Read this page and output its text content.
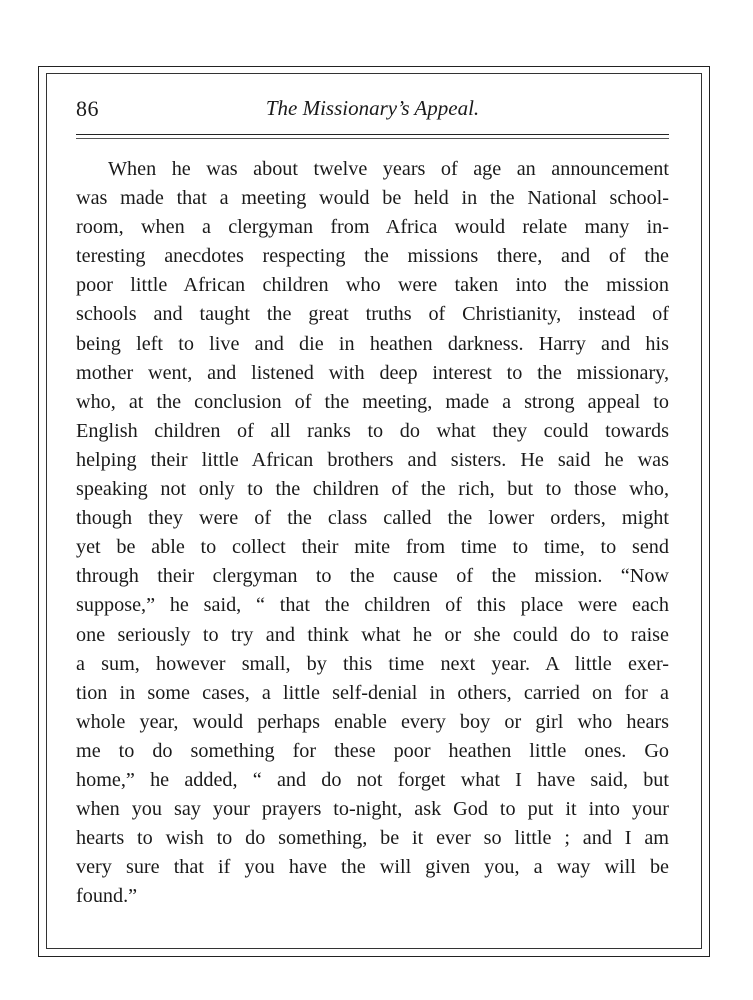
86	The Missionary’s Appeal.
When he was about twelve years of age an announcement
was made that a meeting would be held in the National school-
room, when a clergyman from Africa would relate many in-
teresting anecdotes respecting the missions there, and of the
poor little African children who were taken into the mission
schools and taught the great truths of Christianity, instead of
being left to live and die in heathen darkness. Harry and his
mother went, and listened with deep interest to the missionary,
who, at the conclusion of the meeting, made a strong appeal to
English children of all ranks to do what they could towards
helping their little African brothers and sisters. He said he was
speaking not only to the children of the rich, but to those who,
though they were of the class called the lower orders, might
yet be able to collect their mite from time to time, to send
through their clergyman to the cause of the mission. “Now
suppose,” he said, “ that the children of this place were each
one seriously to try and think what he or she could do to raise
a sum, however small, by this time next year. A little exer-
tion in some cases, a little self-denial in others, carried on for a
whole year, would perhaps enable every boy or girl who hears
me to do something for these poor heathen little ones. Go
home,” he added, “ and do not forget what I have said, but
when you say your prayers to-night, ask God to put it into your
hearts to wish to do something, be it ever so little ; and I am
very sure that if you have the will given you, a way will be
found.”
